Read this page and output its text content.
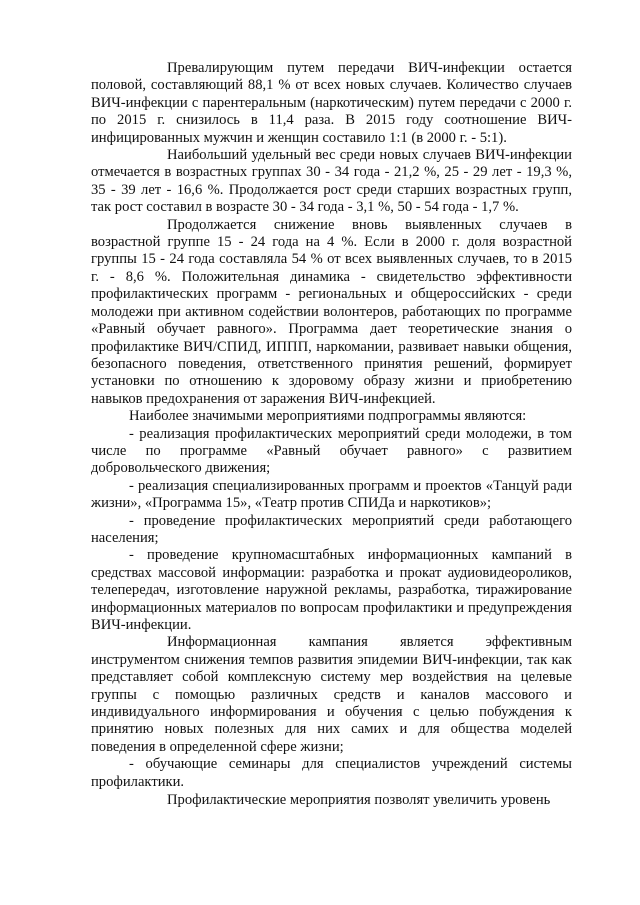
Превалирующим путем передачи ВИЧ-инфекции остается половой, составляющий 88,1 % от всех новых случаев. Количество случаев ВИЧ-инфекции с парентеральным (наркотическим) путем передачи с 2000 г. по 2015 г. снизилось в 11,4 раза. В 2015 году соотношение ВИЧ-инфицированных мужчин и женщин составило 1:1 (в 2000 г. - 5:1).

Наибольший удельный вес среди новых случаев ВИЧ-инфекции отмечается в возрастных группах 30 - 34 года - 21,2 %, 25 - 29 лет - 19,3 %, 35 - 39 лет - 16,6 %. Продолжается рост среди старших возрастных групп, так рост составил в возрасте 30 - 34 года - 3,1 %, 50 - 54 года - 1,7 %.

Продолжается снижение вновь выявленных случаев в возрастной группе 15 - 24 года на 4 %. Если в 2000 г. доля возрастной группы 15 - 24 года составляла 54 % от всех выявленных случаев, то в 2015 г. - 8,6 %. Положительная динамика - свидетельство эффективности профилактических программ - региональных и общероссийских - среди молодежи при активном содействии волонтеров, работающих по программе «Равный обучает равного». Программа дает теоретические знания о профилактике ВИЧ/СПИД, ИППП, наркомании, развивает навыки общения, безопасного поведения, ответственного принятия решений, формирует установки по отношению к здоровому образу жизни и приобретению навыков предохранения от заражения ВИЧ-инфекцией.

Наиболее значимыми мероприятиями подпрограммы являются:

- реализация профилактических мероприятий среди молодежи, в том числе по программе «Равный обучает равного» с развитием добровольческого движения;

- реализация специализированных программ и проектов «Танцуй ради жизни», «Программа 15», «Театр против СПИДа и наркотиков»;

- проведение профилактических мероприятий среди работающего населения;

- проведение крупномасштабных информационных кампаний в средствах массовой информации: разработка и прокат аудиовидеороликов, телепередач, изготовление наружной рекламы, разработка, тиражирование информационных материалов по вопросам профилактики и предупреждения ВИЧ-инфекции.

Информационная кампания является эффективным инструментом снижения темпов развития эпидемии ВИЧ-инфекции, так как представляет собой комплексную систему мер воздействия на целевые группы с помощью различных средств и каналов массового и индивидуального информирования и обучения с целью побуждения к принятию новых полезных для них самих и для общества моделей поведения в определенной сфере жизни;

- обучающие семинары для специалистов учреждений системы профилактики.

Профилактические мероприятия позволят увеличить уровень
